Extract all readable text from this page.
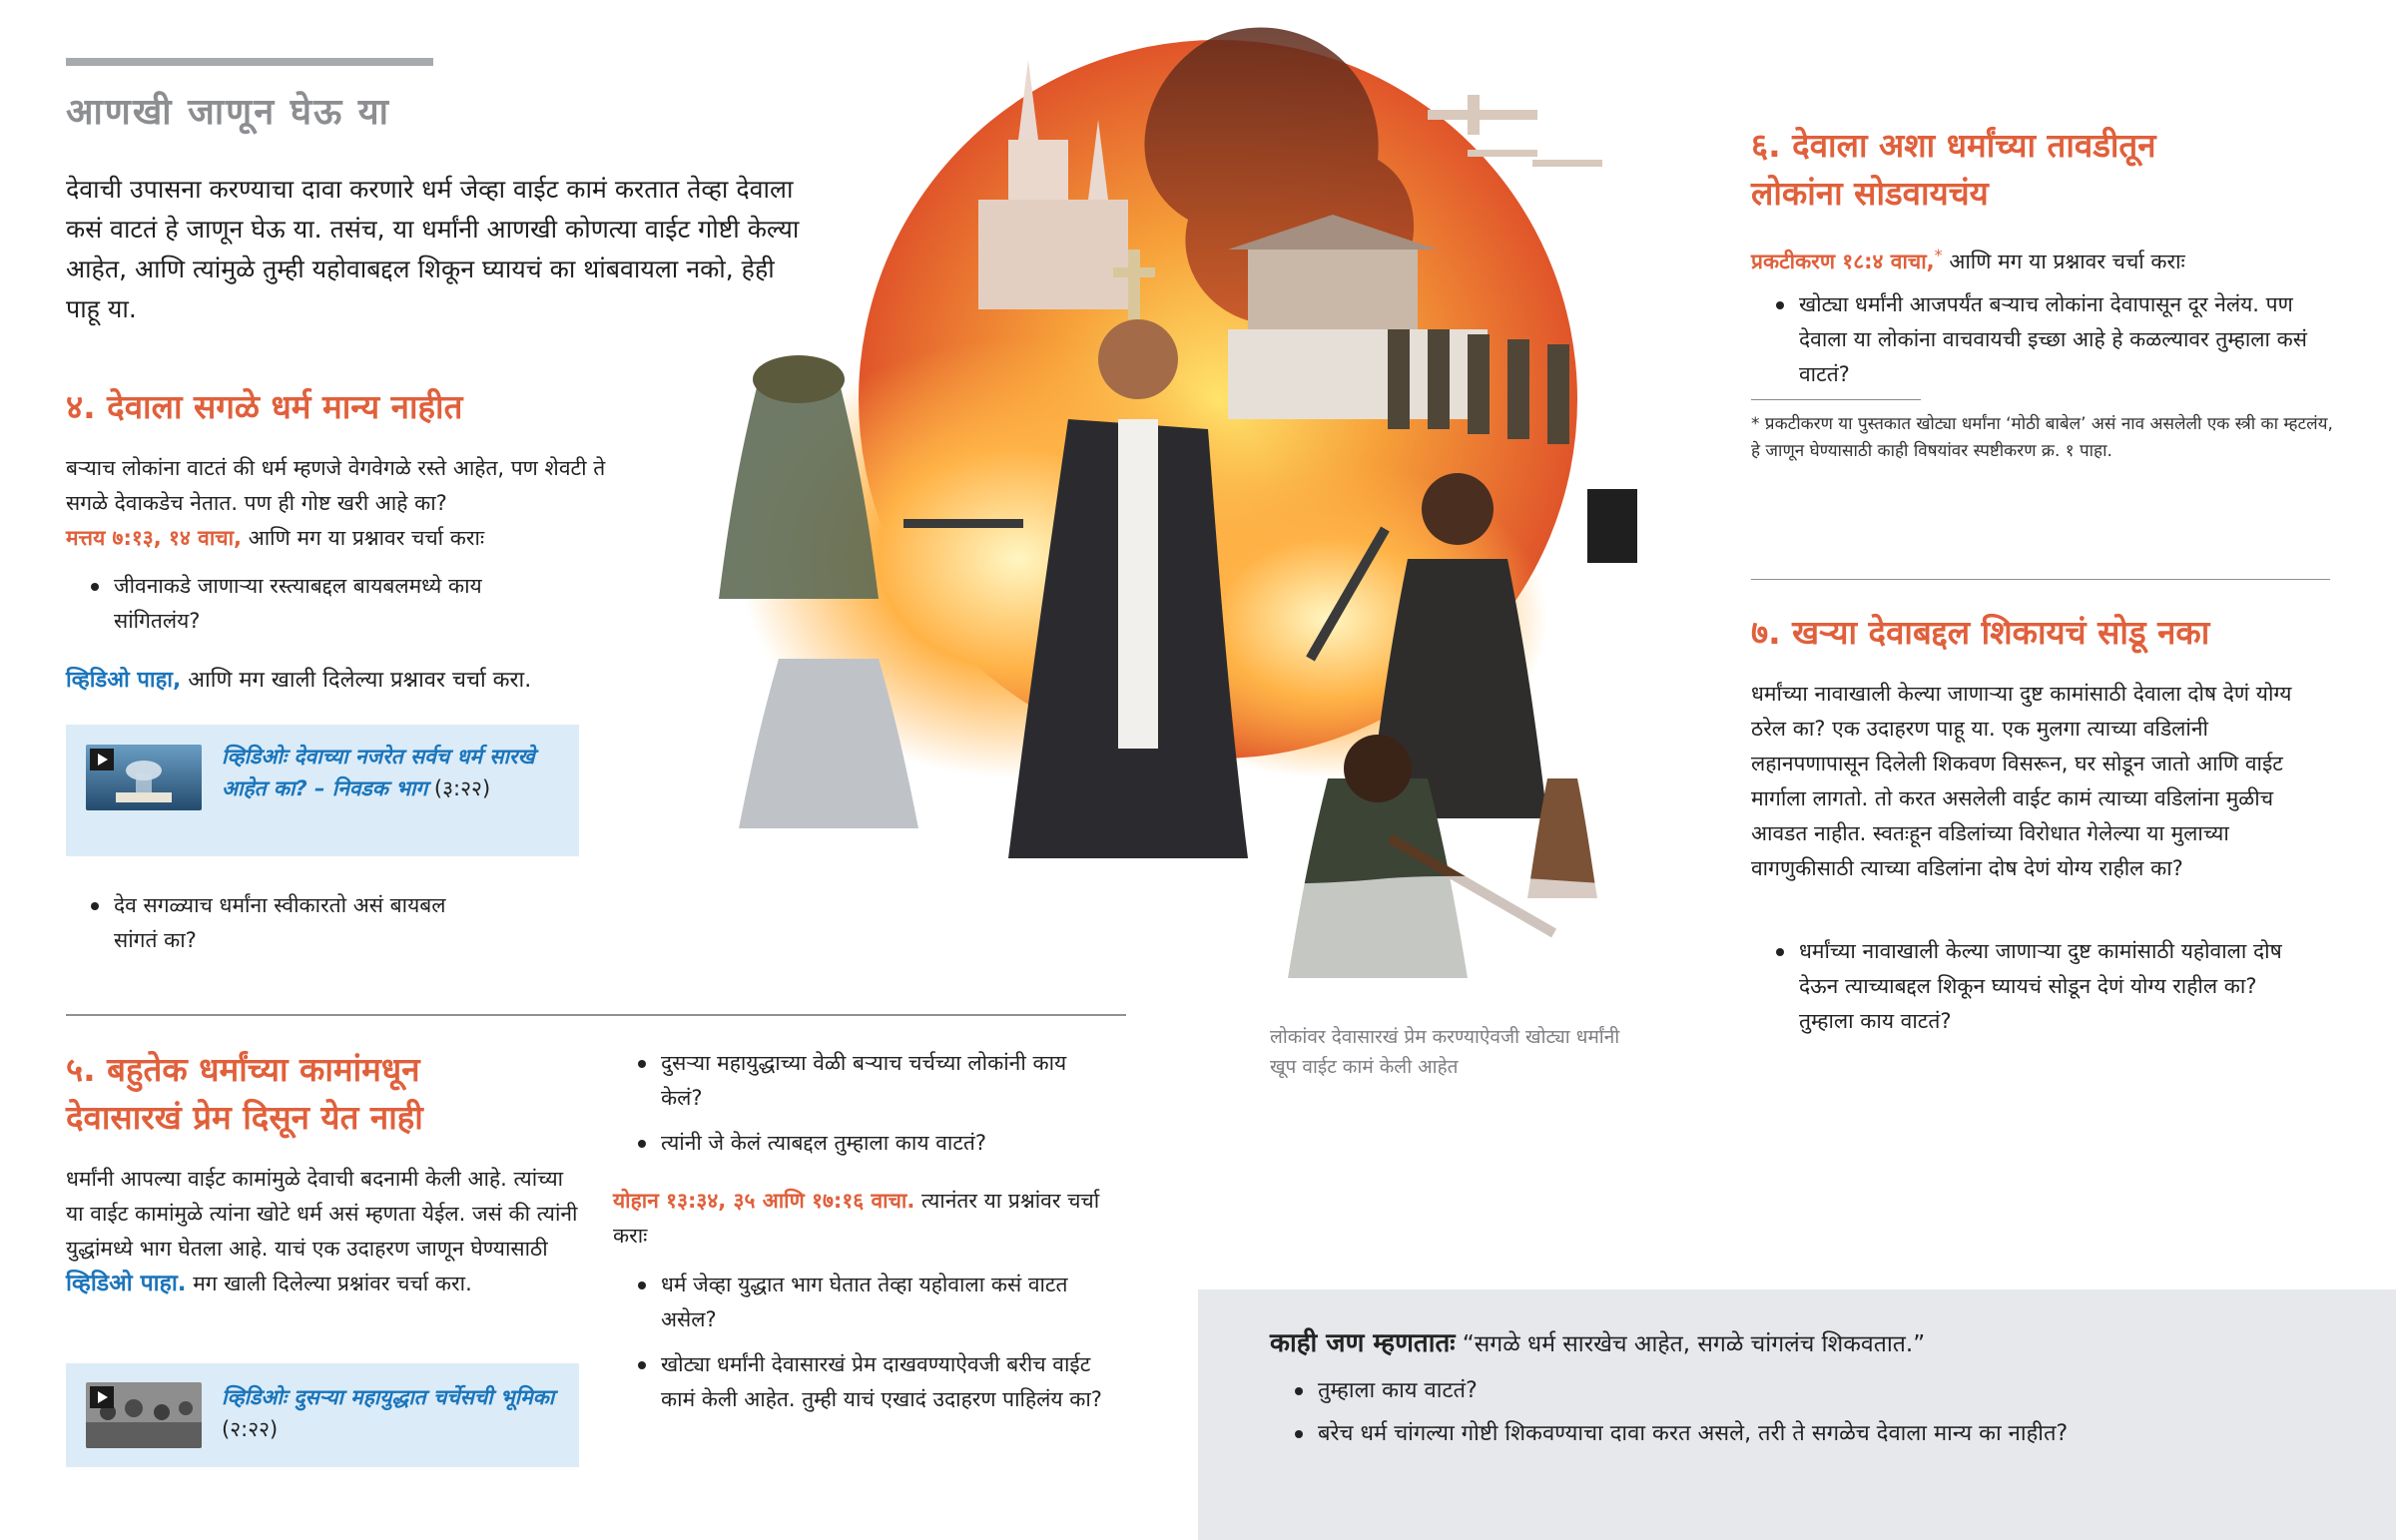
आणखी जाणून घेऊ या

देवाची उपासना करण्याचा दावा करणारे धर्म जेव्हा वाईट कामं करतात तेव्हा देवाला कसं वाटतं हे जाणून घेऊ या. तसंच, या धर्मांनी आणखी कोणत्या वाईट गोष्टी केल्या आहेत, आणि त्यांमुळे तुम्ही यहोवाबद्दल शिकून घ्यायचं का थांबवायला नको, हेही पाहू या.

४. देवाला सगळे धर्म मान्य नाहीत

बऱ्याच लोकांना वाटतं की धर्म म्हणजे वेगवेगळे रस्ते आहेत, पण शेवटी ते सगळे देवाकडेच नेतात. पण ही गोष्ट खरी आहे का?

मत्तय ७:१३, १४ वाचा, आणि मग या प्रश्नावर चर्चा कराः

जीवनाकडे जाणाऱ्या रस्त्याबद्दल बायबलमध्ये काय सांगितलंय?

व्हिडिओ पाहा, आणि मग खाली दिलेल्या प्रश्नावर चर्चा करा.

व्हिडिओः देवाच्या नजरेत सर्वच धर्म सारखे आहेत का? – निवडक भाग (३:२२)
देव सगळ्याच धर्मांना स्वीकारतो असं बायबल सांगतं का?
५. बहुतेक धर्मांच्या कामांमधून
देवासारखं प्रेम दिसून येत नाही

धर्मांनी आपल्या वाईट कामांमुळे देवाची बदनामी केली आहे. त्यांच्या या वाईट कामांमुळे त्यांना खोटे धर्म असं म्हणता येईल. जसं की त्यांनी युद्धांमध्ये भाग घेतला आहे. याचं एक उदाहरण जाणून घेण्यासाठी व्हिडिओ पाहा. मग खाली दिलेल्या प्रश्नांवर चर्चा करा.

व्हिडिओः दुसऱ्या महायुद्धात चर्चेसची भूमिका (२:२२)
दुसऱ्या महायुद्धाच्या वेळी बऱ्याच चर्चच्या लोकांनी काय केलं?
त्यांनी जे केलं त्याबद्दल तुम्हाला काय वाटतं?

योहान १३:३४, ३५ आणि १७:१६ वाचा. त्यानंतर या प्रश्नांवर चर्चा कराः

धर्म जेव्हा युद्धात भाग घेतात तेव्हा यहोवाला कसं वाटत असेल?
खोट्या धर्मांनी देवासारखं प्रेम दाखवण्याऐवजी बरीच वाईट कामं केली आहेत. तुम्ही याचं एखादं उदाहरण पाहिलंय का?
लोकांवर देवासारखं प्रेम करण्याऐवजी खोट्या धर्मांनी खूप वाईट कामं केली आहेत
६. देवाला अशा धर्मांच्या तावडीतून
लोकांना सोडवायचंय

प्रकटीकरण १८:४ वाचा,* आणि मग या प्रश्नावर चर्चा कराः

खोट्या धर्मांनी आजपर्यंत बऱ्याच लोकांना देवापासून दूर नेलंय. पण देवाला या लोकांना वाचवायची इच्छा आहे हे कळल्यावर तुम्हाला कसं वाटतं?

* प्रकटीकरण या पुस्तकात खोट्या धर्मांना ‘मोठी बाबेल’ असं नाव असलेली एक स्त्री का म्हटलंय, हे जाणून घेण्यासाठी काही विषयांवर स्पष्टीकरण क्र. १ पाहा.

७. खऱ्या देवाबद्दल शिकायचं सोडू नका

धर्मांच्या नावाखाली केल्या जाणाऱ्या दुष्ट कामांसाठी देवाला दोष देणं योग्य ठरेल का? एक उदाहरण पाहू या. एक मुलगा त्याच्या वडिलांनी लहानपणापासून दिलेली शिकवण विसरून, घर सोडून जातो आणि वाईट मार्गाला लागतो. तो करत असलेली वाईट कामं त्याच्या वडिलांना मुळीच आवडत नाहीत. स्वतःहून वडिलांच्या विरोधात गेलेल्या या मुलाच्या वागणुकीसाठी त्याच्या वडिलांना दोष देणं योग्य राहील का?

धर्मांच्या नावाखाली केल्या जाणाऱ्या दुष्ट कामांसाठी यहोवाला दोष देऊन त्याच्याबद्दल शिकून घ्यायचं सोडून देणं योग्य राहील का? तुम्हाला काय वाटतं?

काही जण म्हणतातः “सगळे धर्म सारखेच आहेत, सगळे चांगलंच शिकवतात.”

तुम्हाला काय वाटतं?
बरेच धर्म चांगल्या गोष्टी शिकवण्याचा दावा करत असले, तरी ते सगळेच देवाला मान्य का नाहीत?
